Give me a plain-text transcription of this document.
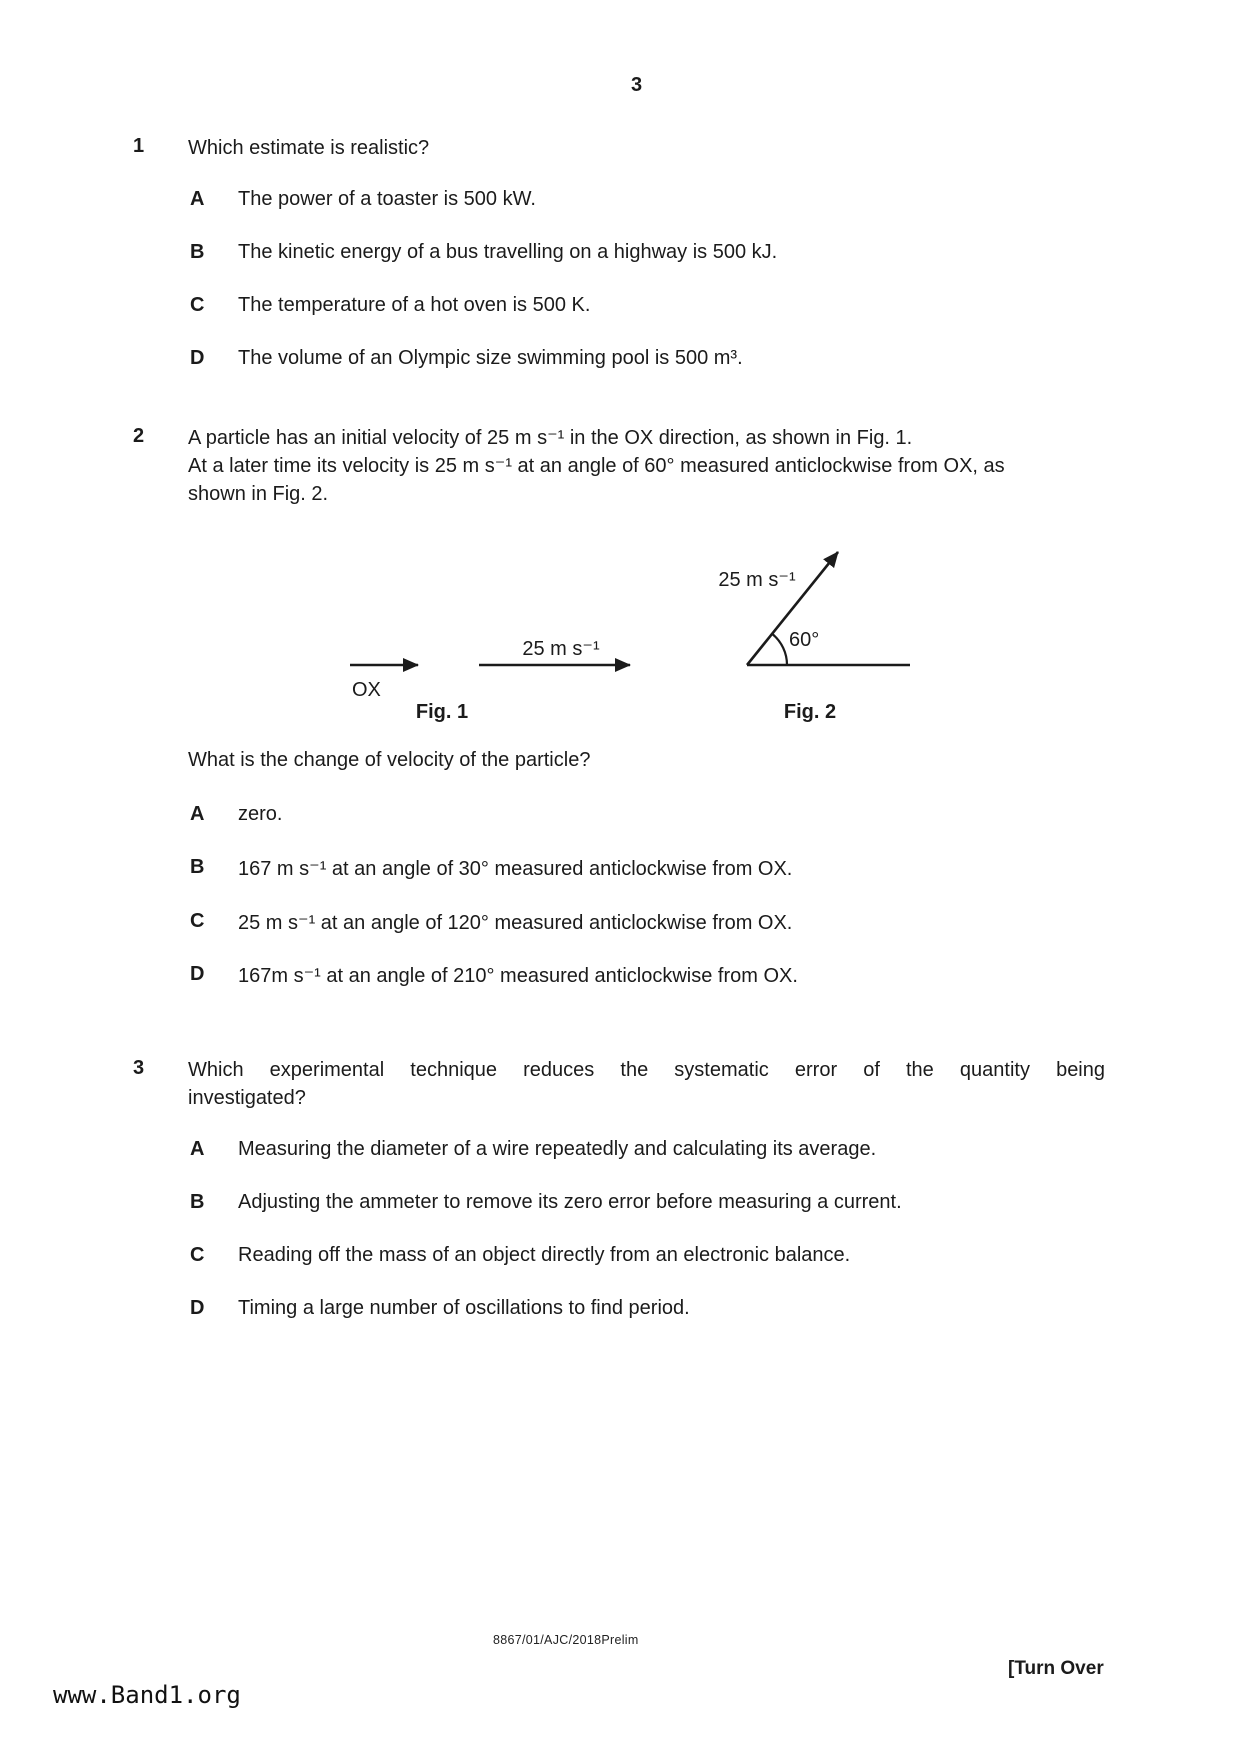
3
1 Which estimate is realistic?
A The power of a toaster is 500 kW.
B The kinetic energy of a bus travelling on a highway is 500 kJ.
C The temperature of a hot oven is 500 K.
D The volume of an Olympic size swimming pool is 500 m³.
2 A particle has an initial velocity of 25 m s⁻¹ in the OX direction, as shown in Fig. 1.
At a later time its velocity is 25 m s⁻¹ at an angle of 60° measured anticlockwise from OX, as
shown in Fig. 2.
OX
25 m s⁻¹	60°
25 m s⁻¹
Fig. 1	Fig. 2
What is the change of velocity of the particle?
A zero.
B 167 m s⁻¹ at an angle of 30° measured anticlockwise from OX.
C 25 m s⁻¹ at an angle of 120° measured anticlockwise from OX.
D 167m s⁻¹ at an angle of 210° measured anticlockwise from OX.
3 Which experimental technique reduces the systematic error of the quantity being
investigated?
A Measuring the diameter of a wire repeatedly and calculating its average.
B Adjusting the ammeter to remove its zero error before measuring a current.
C Reading off the mass of an object directly from an electronic balance.
D Timing a large number of oscillations to find period.
8867/01/AJC/2018Prelim
[Turn Over
www.Band1.org
